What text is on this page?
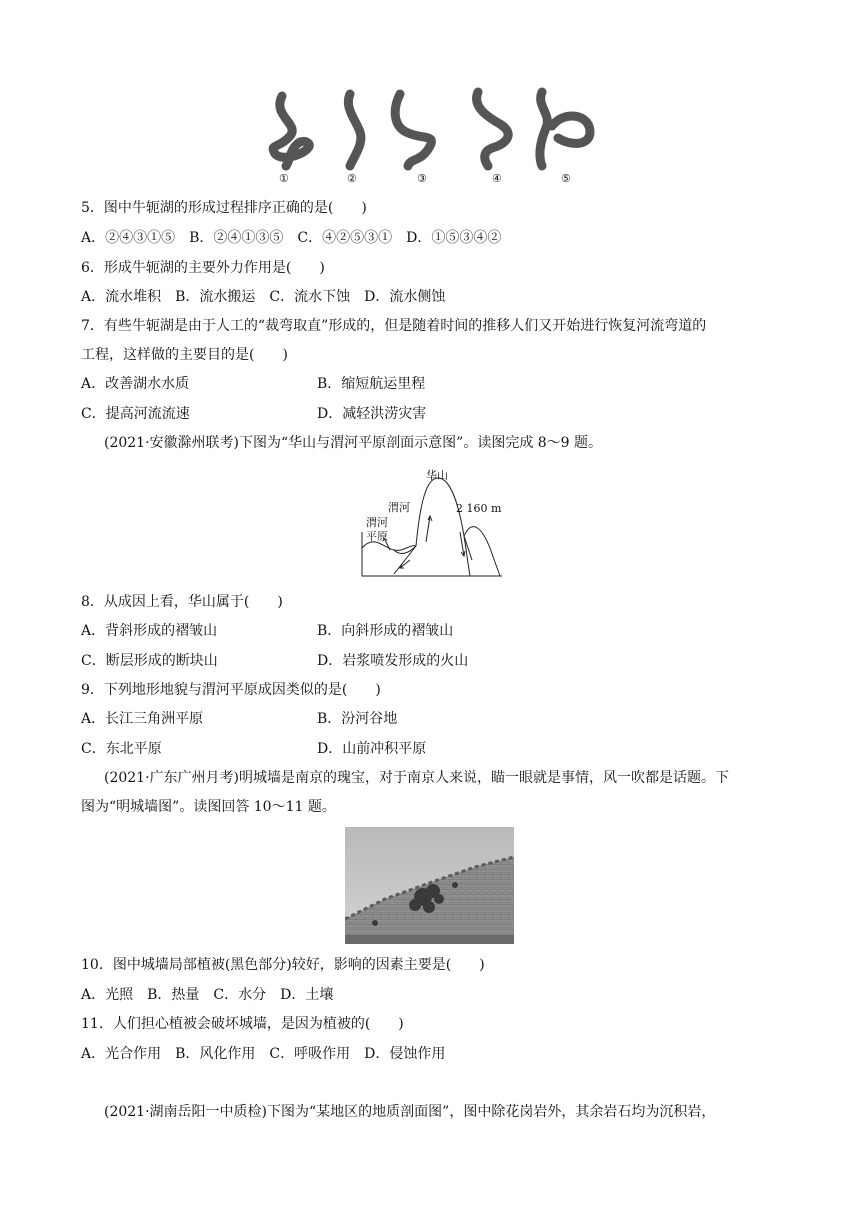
①	②	③	④	⑤
5．图中牛轭湖的形成过程排序正确的是(　　)
A．②④③①⑤　B．②④①③⑤　C．④②⑤③①　D．①⑤③④②
6．形成牛轭湖的主要外力作用是(　　)
A．流水堆积　B．流水搬运　C．流水下蚀　D．流水侧蚀
7．有些牛轭湖是由于人工的“裁弯取直”形成的，但是随着时间的推移人们又开始进行恢复河流弯道的
工程，这样做的主要目的是(　　)
A．改善湖水水质	B．缩短航运里程
C．提高河流流速	D．减轻洪涝灾害
(2021·安徽滁州联考)下图为“华山与渭河平原剖面示意图”。读图完成 8～9 题。
华山
渭河
渭河
平原
2 160 m
8．从成因上看，华山属于(　　)
A．背斜形成的褶皱山	B．向斜形成的褶皱山
C．断层形成的断块山	D．岩浆喷发形成的火山
9．下列地形地貌与渭河平原成因类似的是(　　)
A．长江三角洲平原	B．汾河谷地
C．东北平原	D．山前冲积平原
(2021·广东广州月考)明城墙是南京的瑰宝，对于南京人来说，瞄一眼就是事情，风一吹都是话题。下
图为“明城墙图”。读图回答 10～11 题。
10．图中城墙局部植被(黑色部分)较好，影响的因素主要是(　　)
A．光照　B．热量　C．水分　D．土壤
11．人们担心植被会破坏城墙，是因为植被的(　　)
A．光合作用　B．风化作用　C．呼吸作用　D．侵蚀作用
(2021·湖南岳阳一中质检)下图为“某地区的地质剖面图”，图中除花岗岩外，其余岩石均为沉积岩，
